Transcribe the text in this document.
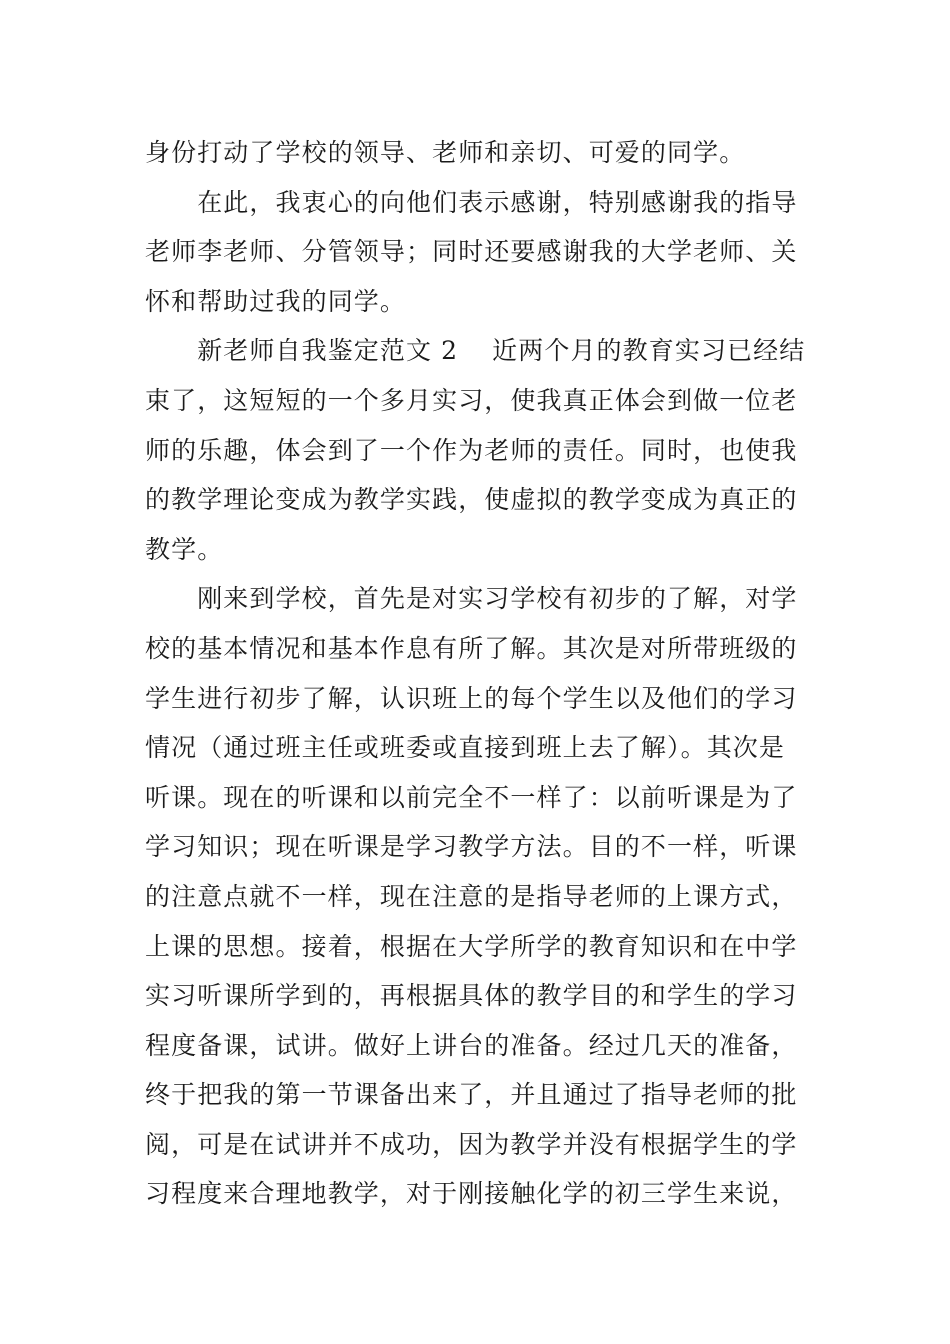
身份打动了学校的领导、老师和亲切、可爱的同学。
　　在此，我衷心的向他们表示感谢，特别感谢我的指导
老师李老师、分管领导；同时还要感谢我的大学老师、关
怀和帮助过我的同学。
　　新老师自我鉴定范文 2 近两个月的教育实习已经结
束了，这短短的一个多月实习，使我真正体会到做一位老
师的乐趣，体会到了一个作为老师的责任。同时，也使我
的教学理论变成为教学实践，使虚拟的教学变成为真正的
教学。
　　刚来到学校，首先是对实习学校有初步的了解，对学
校的基本情况和基本作息有所了解。其次是对所带班级的
学生进行初步了解，认识班上的每个学生以及他们的学习
情况（通过班主任或班委或直接到班上去了解）。其次是
听课。现在的听课和以前完全不一样了：以前听课是为了
学习知识；现在听课是学习教学方法。目的不一样，听课
的注意点就不一样，现在注意的是指导老师的上课方式，
上课的思想。接着，根据在大学所学的教育知识和在中学
实习听课所学到的，再根据具体的教学目的和学生的学习
程度备课，试讲。做好上讲台的准备。经过几天的准备，
终于把我的第一节课备出来了，并且通过了指导老师的批
阅，可是在试讲并不成功，因为教学并没有根据学生的学
习程度来合理地教学，对于刚接触化学的初三学生来说，
